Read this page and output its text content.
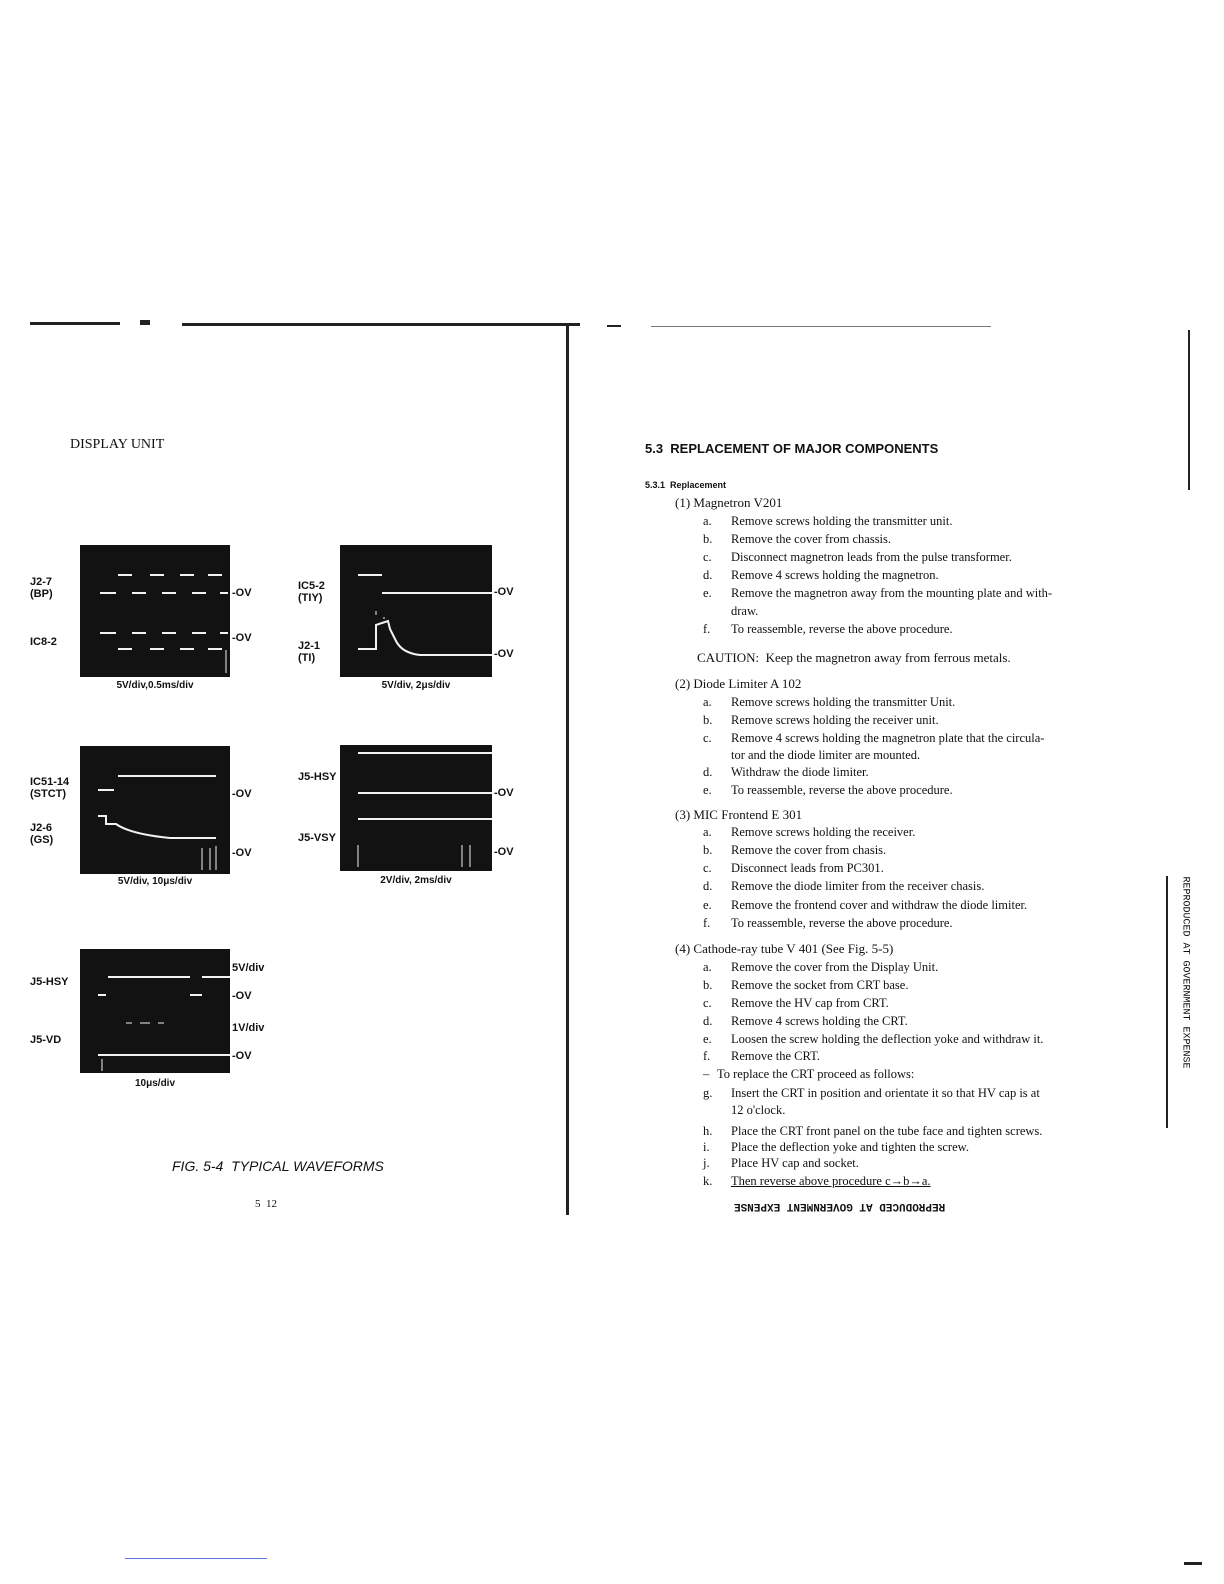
DISPLAY UNIT
J2-7
(BP)
IC8-2
-OV
-OV
5V/div,0.5ms/div
IC5-2
(TIY)
J2-1
(TI)
-OV
-OV
5V/div, 2μs/div
IC51-14
(STCT)
J2-6
(GS)
-OV
-OV
5V/div, 10μs/div
J5-HSY
J5-VSY
-OV
-OV
2V/div, 2ms/div
J5-HSY
J5-VD
5V/div
-OV
1V/div
-OV
10μs/div
FIG. 5-4  TYPICAL WAVEFORMS
5  12
5.3  REPLACEMENT OF MAJOR COMPONENTS
5.3.1  Replacement
(1) Magnetron V201
a.	Remove screws holding the transmitter unit.
b.	Remove the cover from chassis.
c.	Disconnect magnetron leads from the pulse transformer.
d.	Remove 4 screws holding the magnetron.
e.	Remove the magnetron away from the mounting plate and with-
draw.
f.	To reassemble, reverse the above procedure.
CAUTION:  Keep the magnetron away from ferrous metals.
(2) Diode Limiter A 102
a.	Remove screws holding the transmitter Unit.
b.	Remove screws holding the receiver unit.
c.	Remove 4 screws holding the magnetron plate that the circula-
tor and the diode limiter are mounted.
d.	Withdraw the diode limiter.
e.	To reassemble, reverse the above procedure.
(3) MIC Frontend E 301
a.	Remove screws holding the receiver.
b.	Remove the cover from chasis.
c.	Disconnect leads from PC301.
d.	Remove the diode limiter from the receiver chasis.
e.	Remove the frontend cover and withdraw the diode limiter.
f.	To reassemble, reverse the above procedure.
(4) Cathode-ray tube V 401 (See Fig. 5-5)
a.	Remove the cover from the Display Unit.
b.	Remove the socket from CRT base.
c.	Remove the HV cap from CRT.
d.	Remove 4 screws holding the CRT.
e.	Loosen the screw holding the deflection yoke and withdraw it.
f.	Remove the CRT.
– To replace the CRT proceed as follows:
g.	Insert the CRT in position and orientate it so that HV cap is at
12 o'clock.
h.	Place the CRT front panel on the tube face and tighten screws.
i.	Place the deflection yoke and tighten the screw.
j.	Place HV cap and socket.
k.	Then reverse above procedure c→b→a.
REPRODUCED AT GOVERNMENT EXPENSE
REPRODUCED AT GOVERNMENT EXPENSE
